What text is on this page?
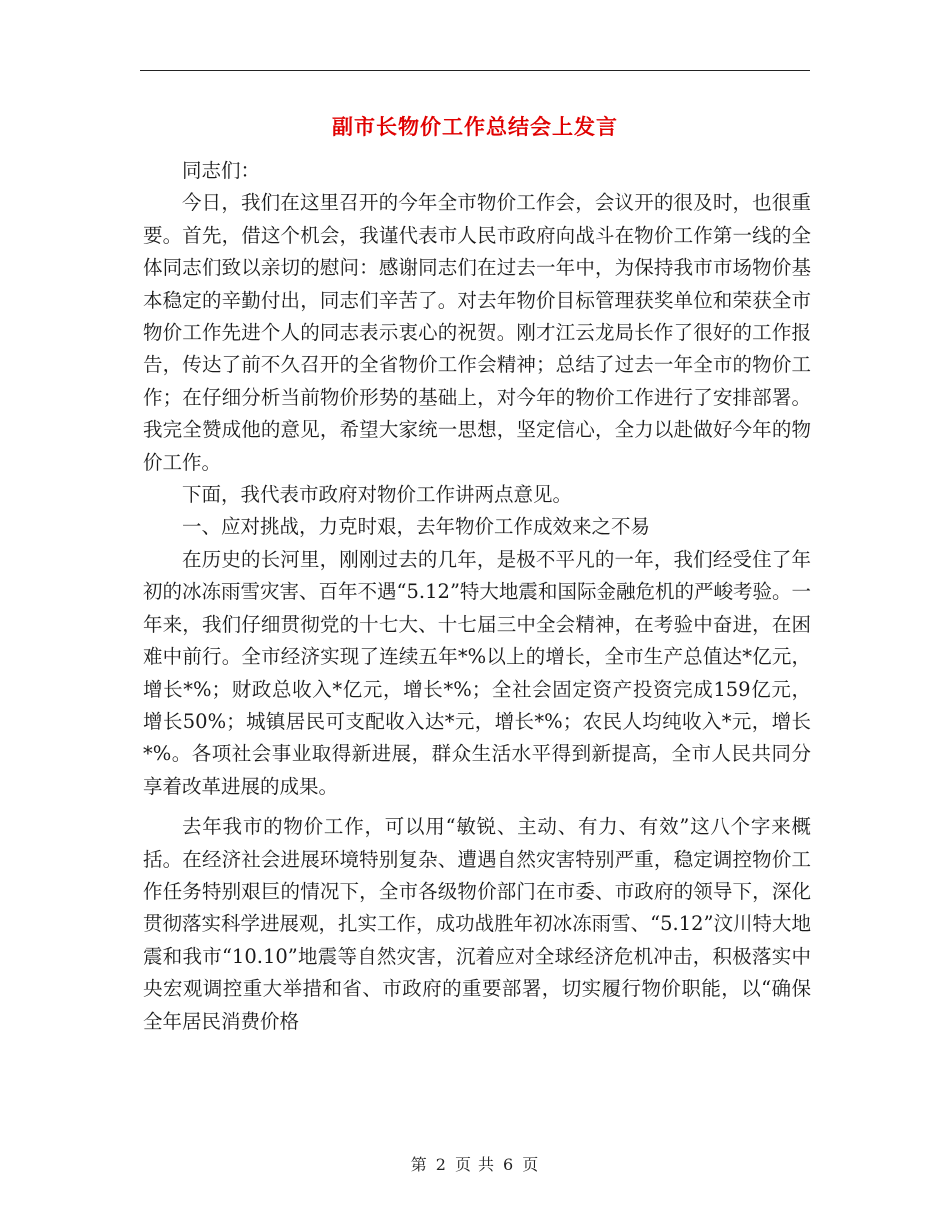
副市长物价工作总结会上发言

同志们：

今日，我们在这里召开的今年全市物价工作会，会议开的很及时，也很重要。首先，借这个机会，我谨代表市人民市政府向战斗在物价工作第一线的全体同志们致以亲切的慰问：感谢同志们在过去一年中，为保持我市市场物价基本稳定的辛勤付出，同志们辛苦了。对去年物价目标管理获奖单位和荣获全市物价工作先进个人的同志表示衷心的祝贺。刚才江云龙局长作了很好的工作报告，传达了前不久召开的全省物价工作会精神；总结了过去一年全市的物价工作；在仔细分析当前物价形势的基础上，对今年的物价工作进行了安排部署。我完全赞成他的意见，希望大家统一思想，坚定信心，全力以赴做好今年的物价工作。

下面，我代表市政府对物价工作讲两点意见。

一、应对挑战，力克时艰，去年物价工作成效来之不易

在历史的长河里，刚刚过去的几年，是极不平凡的一年，我们经受住了年初的冰冻雨雪灾害、百年不遇“5.12”特大地震和国际金融危机的严峻考验。一年来，我们仔细贯彻党的十七大、十七届三中全会精神，在考验中奋进，在困难中前行。全市经济实现了连续五年*%以上的增长，全市生产总值达*亿元，增长*%；财政总收入*亿元，增长*%；全社会固定资产投资完成159亿元，增长50%；城镇居民可支配收入达*元，增长*%；农民人均纯收入*元，增长*%。各项社会事业取得新进展，群众生活水平得到新提高，全市人民共同分享着改革进展的成果。

去年我市的物价工作，可以用“敏锐、主动、有力、有效”这八个字来概括。在经济社会进展环境特别复杂、遭遇自然灾害特别严重，稳定调控物价工作任务特别艰巨的情况下，全市各级物价部门在市委、市政府的领导下，深化贯彻落实科学进展观，扎实工作，成功战胜年初冰冻雨雪、“5.12”汶川特大地震和我市“10.10”地震等自然灾害，沉着应对全球经济危机冲击，积极落实中央宏观调控重大举措和省、市政府的重要部署，切实履行物价职能，以“确保全年居民消费价格

第 2 页 共 6 页
